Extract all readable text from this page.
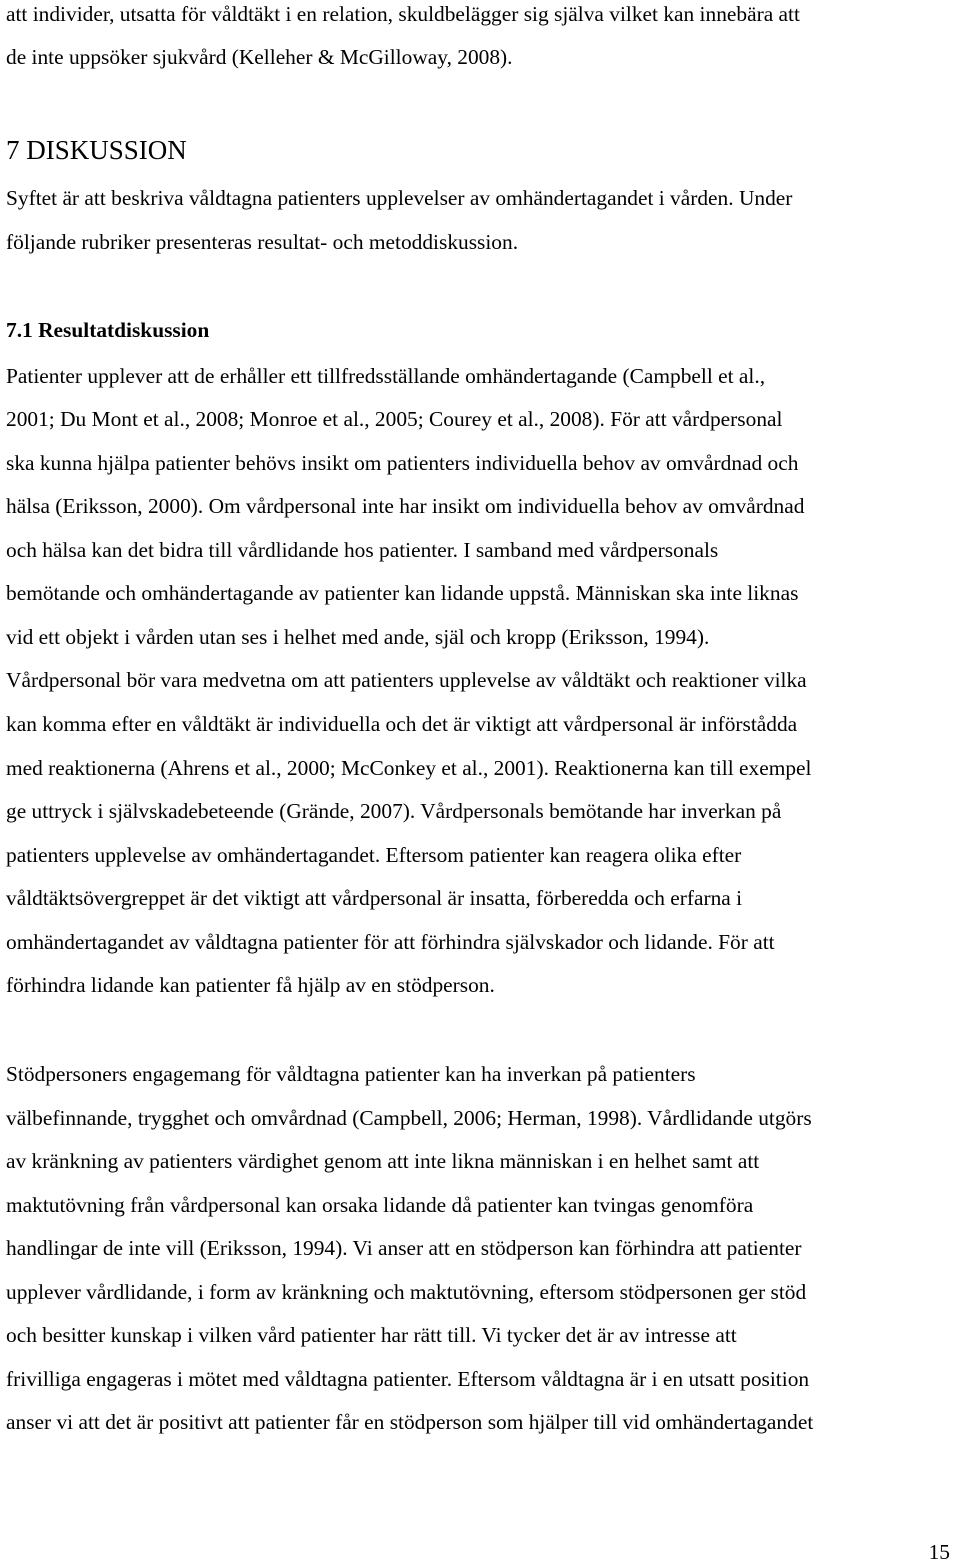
att individer, utsatta för våldtäkt i en relation, skuldbelägger sig själva vilket kan innebära att
de inte uppsöker sjukvård (Kelleher & McGilloway, 2008).
7 DISKUSSION
Syftet är att beskriva våldtagna patienters upplevelser av omhändertagandet i vården. Under
följande rubriker presenteras resultat- och metoddiskussion.
7.1 Resultatdiskussion
Patienter upplever att de erhåller ett tillfredsställande omhändertagande (Campbell et al.,
2001; Du Mont et al., 2008; Monroe et al., 2005; Courey et al., 2008). För att vårdpersonal
ska kunna hjälpa patienter behövs insikt om patienters individuella behov av omvårdnad och
hälsa (Eriksson, 2000). Om vårdpersonal inte har insikt om individuella behov av omvårdnad
och hälsa kan det bidra till vårdlidande hos patienter. I samband med vårdpersonals
bemötande och omhändertagande av patienter kan lidande uppstå. Människan ska inte liknas
vid ett objekt i vården utan ses i helhet med ande, själ och kropp (Eriksson, 1994).
Vårdpersonal bör vara medvetna om att patienters upplevelse av våldtäkt och reaktioner vilka
kan komma efter en våldtäkt är individuella och det är viktigt att vårdpersonal är införstådda
med reaktionerna (Ahrens et al., 2000; McConkey et al., 2001). Reaktionerna kan till exempel
ge uttryck i självskadebeteende (Grände, 2007). Vårdpersonals bemötande har inverkan på
patienters upplevelse av omhändertagandet. Eftersom patienter kan reagera olika efter
våldtäktsövergreppet är det viktigt att vårdpersonal är insatta, förberedda och erfarna i
omhändertagandet av våldtagna patienter för att förhindra självskador och lidande. För att
förhindra lidande kan patienter få hjälp av en stödperson.
Stödpersoners engagemang för våldtagna patienter kan ha inverkan på patienters
välbefinnande, trygghet och omvårdnad (Campbell, 2006; Herman, 1998). Vårdlidande utgörs
av kränkning av patienters värdighet genom att inte likna människan i en helhet samt att
maktutövning från vårdpersonal kan orsaka lidande då patienter kan tvingas genomföra
handlingar de inte vill (Eriksson, 1994). Vi anser att en stödperson kan förhindra att patienter
upplever vårdlidande, i form av kränkning och maktutövning, eftersom stödpersonen ger stöd
och besitter kunskap i vilken vård patienter har rätt till. Vi tycker det är av intresse att
frivilliga engageras i mötet med våldtagna patienter. Eftersom våldtagna är i en utsatt position
anser vi att det är positivt att patienter får en stödperson som hjälper till vid omhändertagandet
15
